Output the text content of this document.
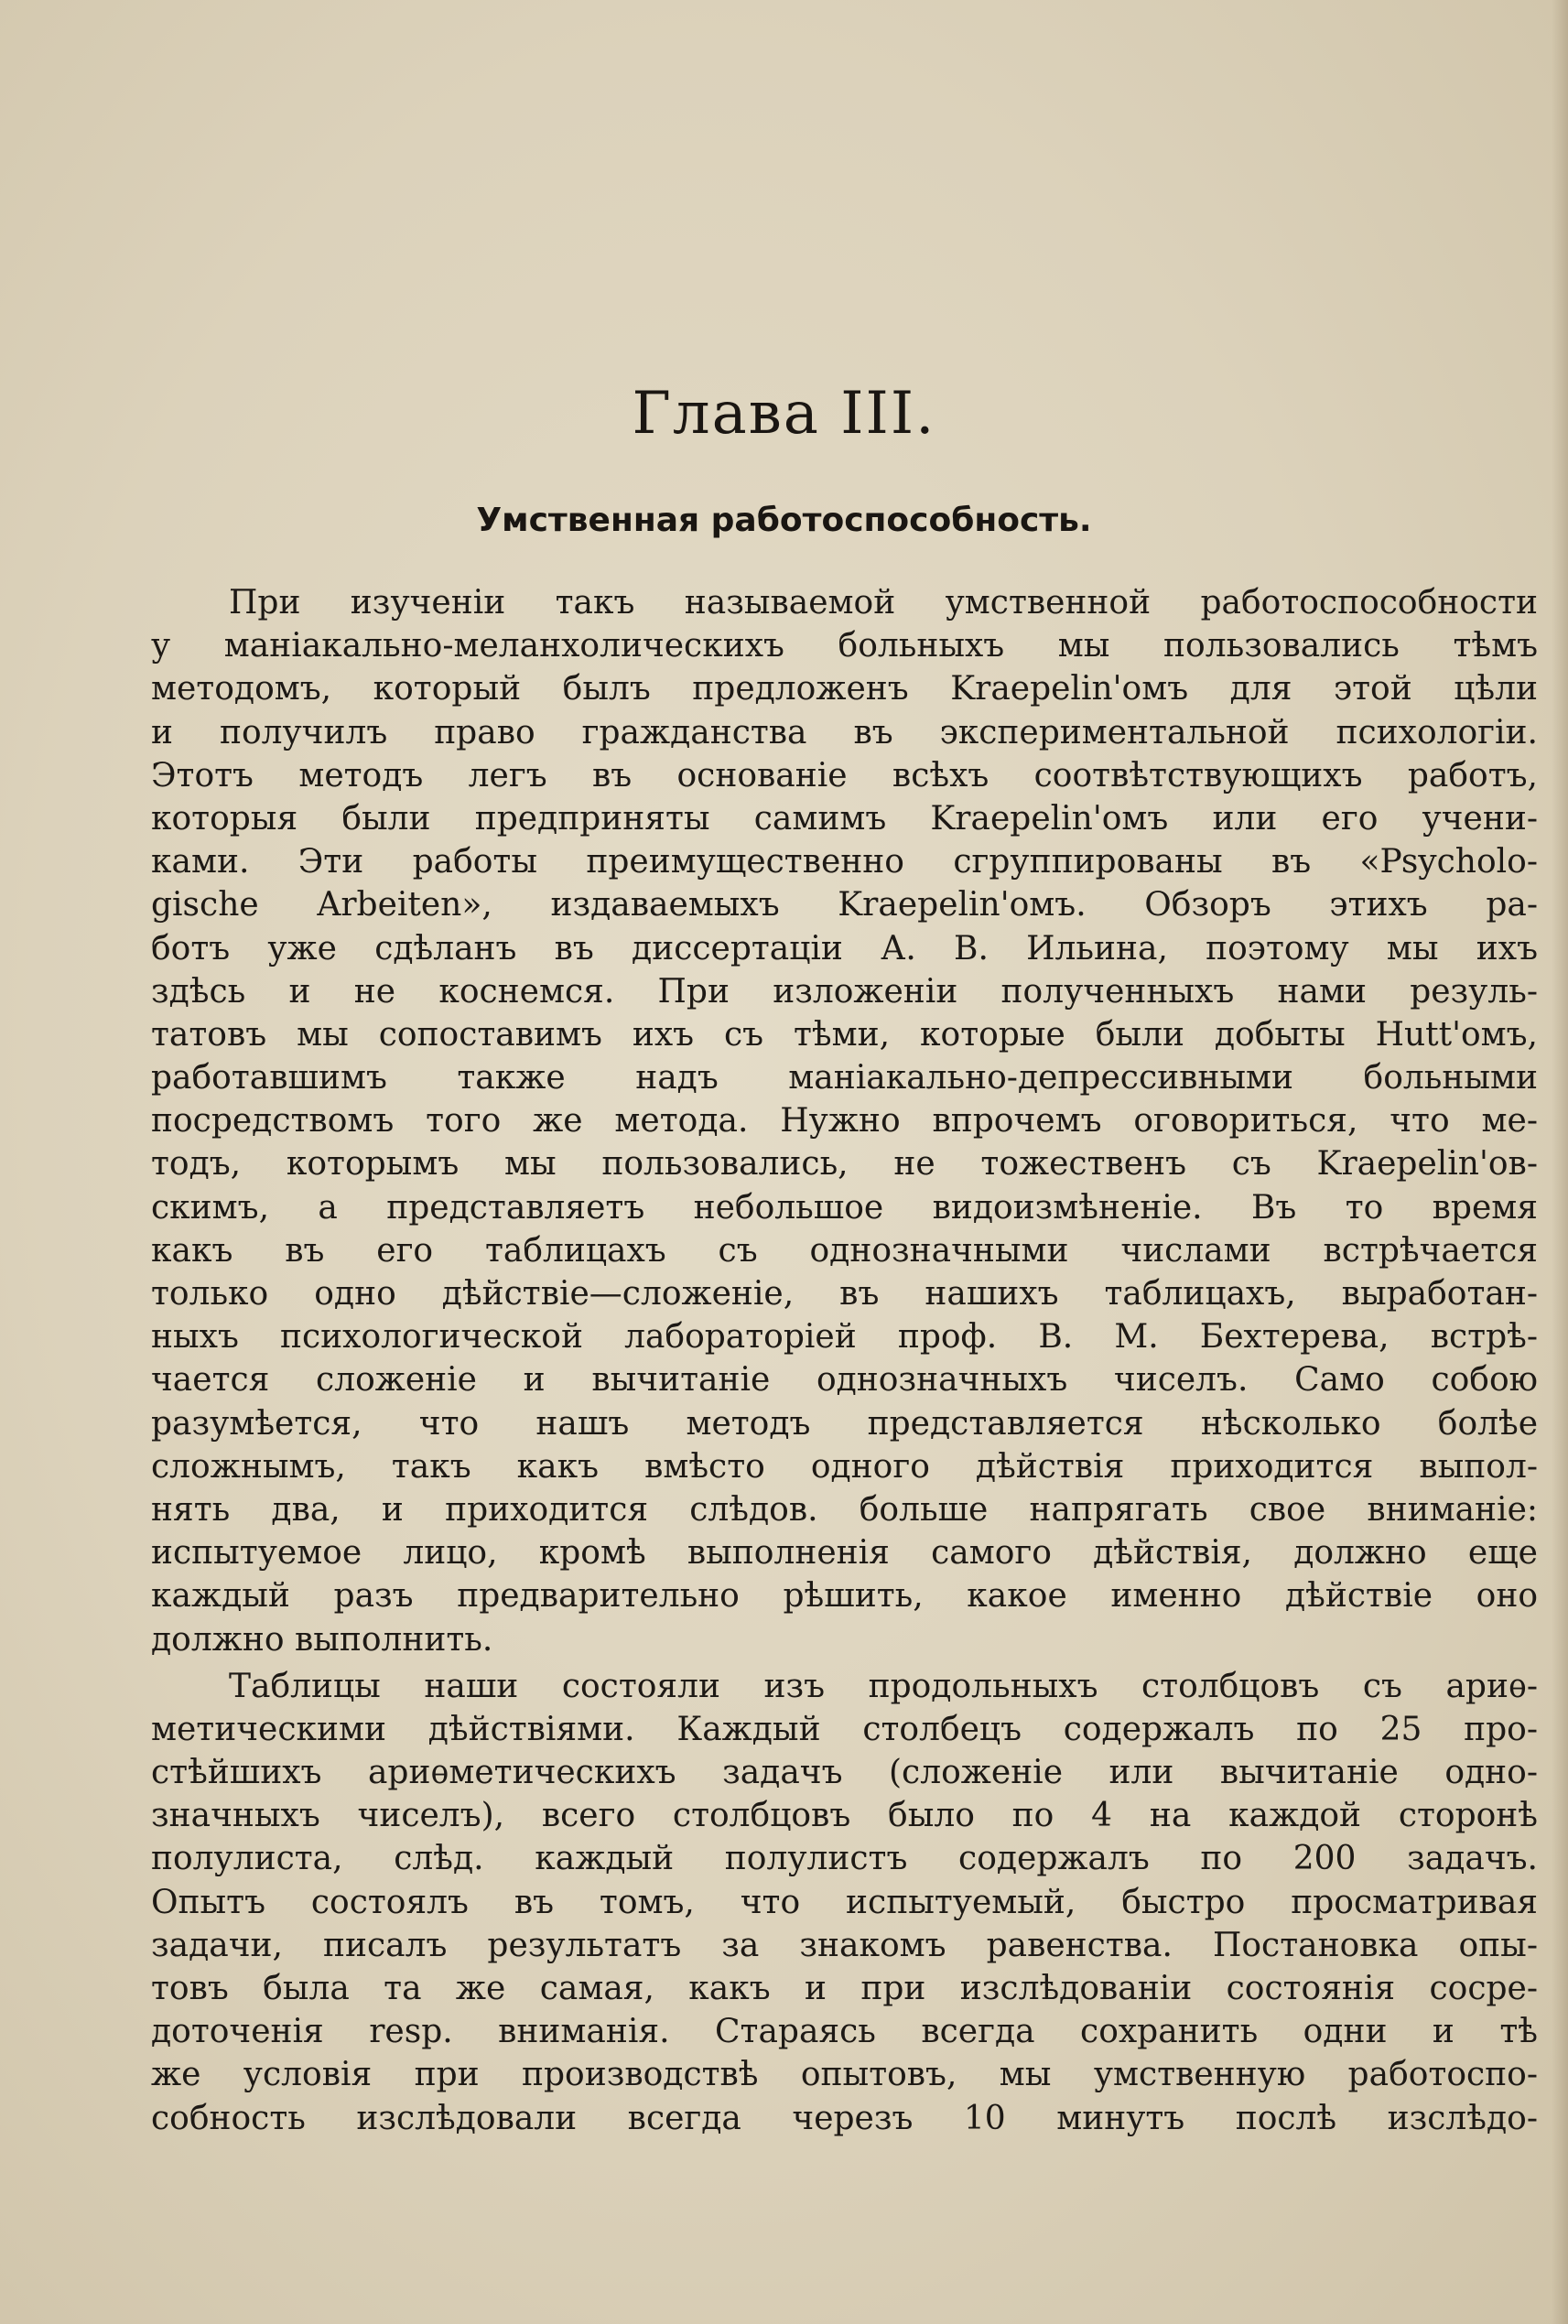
Глава III.
Умственная работоспособность.
При изученіи такъ называемой умственной работоспособности
у маніакально-меланхолическихъ больныхъ мы пользовались тѣмъ
методомъ, который былъ предложенъ Kraepelin'омъ для этой цѣли
и получилъ право гражданства въ экспериментальной психологіи.
Этотъ методъ легъ въ основаніе всѣхъ соотвѣтствующихъ работъ,
которыя были предприняты самимъ Kraepelin'омъ или его учени-
ками. Эти работы преимущественно сгруппированы въ «Psycholo-
gische Arbeiten», издаваемыхъ Kraepelin'омъ. Обзоръ этихъ ра-
ботъ уже сдѣланъ въ диссертаціи А. В. Ильина, поэтому мы ихъ
здѣсь и не коснемся. При изложеніи полученныхъ нами резуль-
татовъ мы сопоставимъ ихъ съ тѣми, которые были добыты Hutt'омъ,
работавшимъ также надъ маніакально-депрессивными больными
посредствомъ того же метода. Нужно впрочемъ оговориться, что ме-
тодъ, которымъ мы пользовались, не тожественъ съ Kraepelin'ов-
скимъ, а представляетъ небольшое видоизмѣненіе. Въ то время
какъ въ его таблицахъ съ однозначными числами встрѣчается
только одно дѣйствіе—сложеніе, въ нашихъ таблицахъ, выработан-
ныхъ психологической лабораторіей проф. В. М. Бехтерева, встрѣ-
чается сложеніе и вычитаніе однозначныхъ чиселъ. Само собою
разумѣется, что нашъ методъ представляется нѣсколько болѣе
сложнымъ, такъ какъ вмѣсто одного дѣйствія приходится выпол-
нять два, и приходится слѣдов. больше напрягать свое вниманіе:
испытуемое лицо, кромѣ выполненія самого дѣйствія, должно еще
каждый разъ предварительно рѣшить, какое именно дѣйствіе оно
должно выполнить.
Таблицы наши состояли изъ продольныхъ столбцовъ съ ариѳ-
метическими дѣйствіями. Каждый столбецъ содержалъ по 25 про-
стѣйшихъ ариѳметическихъ задачъ (сложеніе или вычитаніе одно-
значныхъ чиселъ), всего столбцовъ было по 4 на каждой сторонѣ
полулиста, слѣд. каждый полулистъ содержалъ по 200 задачъ.
Опытъ состоялъ въ томъ, что испытуемый, быстро просматривая
задачи, писалъ результатъ за знакомъ равенства. Постановка опы-
товъ была та же самая, какъ и при изслѣдованіи состоянія сосре-
доточенія resp. вниманія. Стараясь всегда сохранить одни и тѣ
же условія при производствѣ опытовъ, мы умственную работоспо-
собность изслѣдовали всегда черезъ 10 минутъ послѣ изслѣдо-
